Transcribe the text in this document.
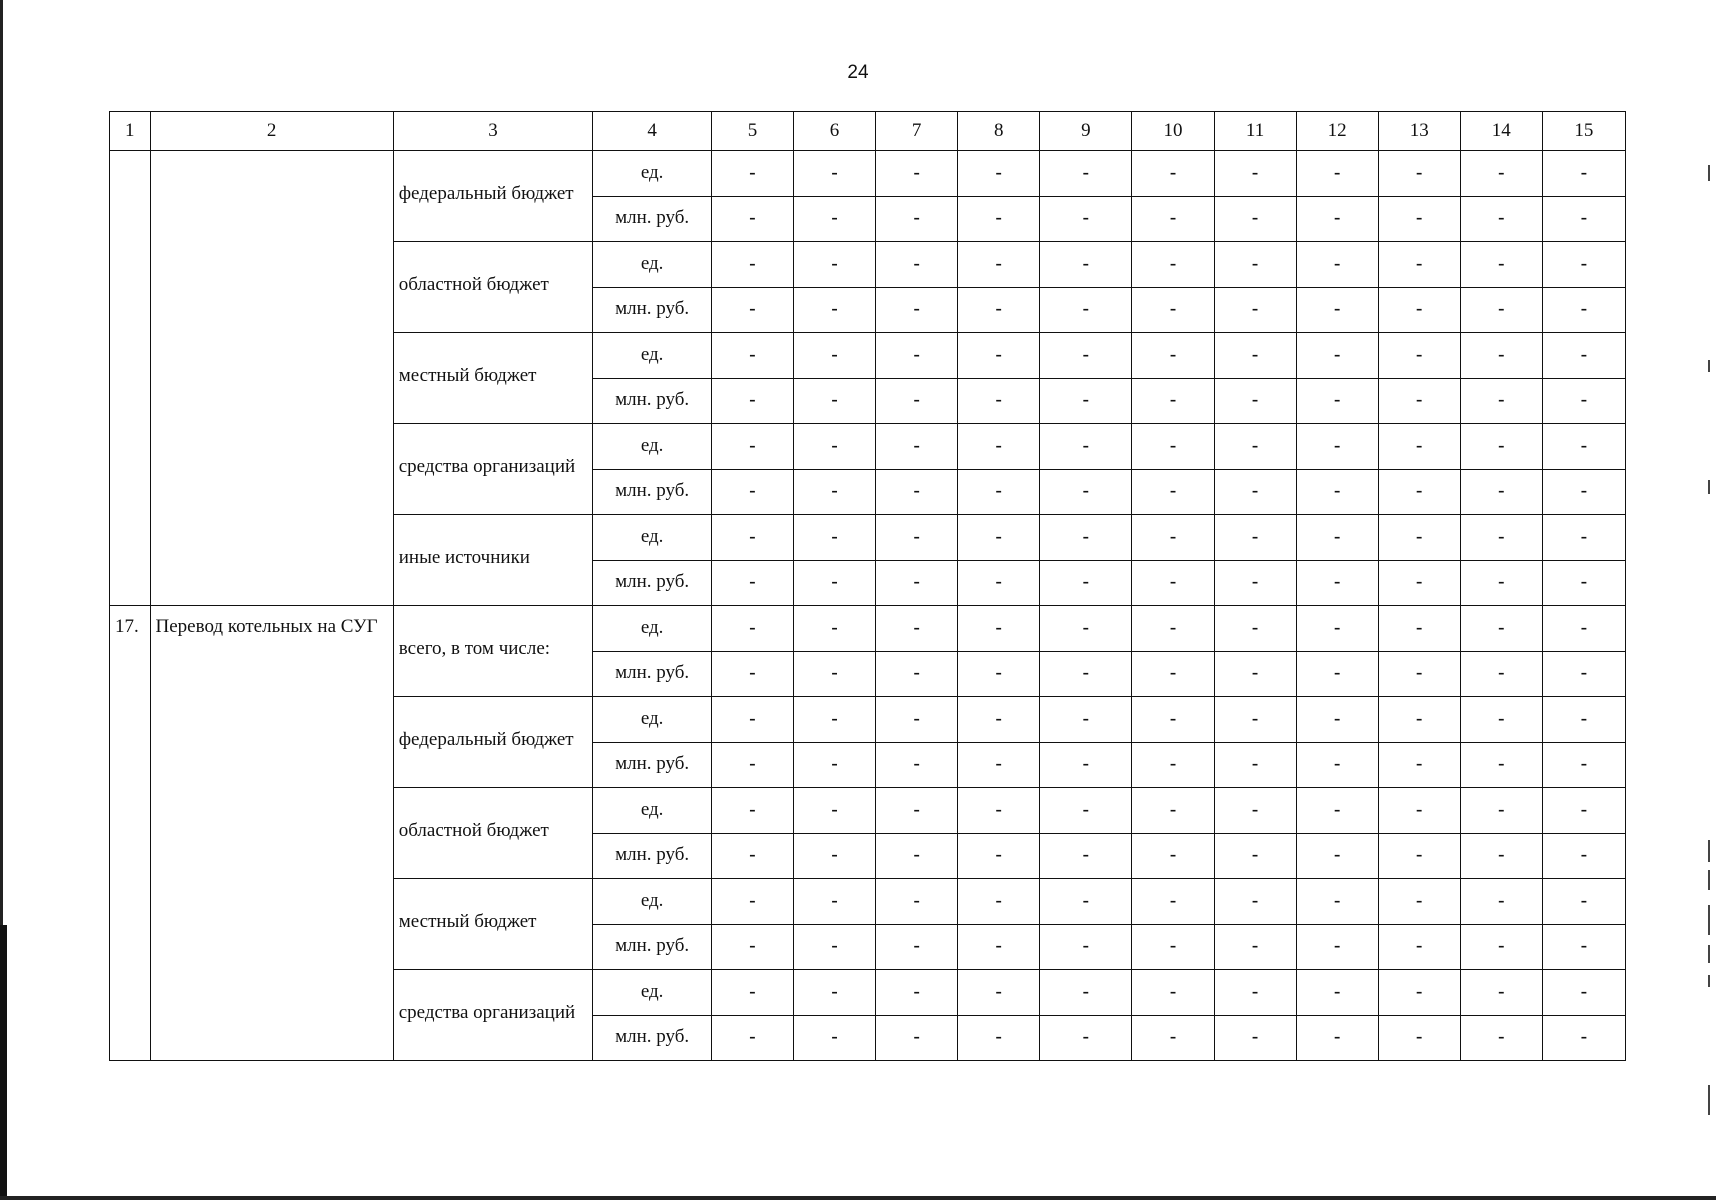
24
1	2	3	4	5	6	7	8	9	10	11	12	13	14	15
		федеральный бюджет	ед.	-	-	-	-	-	-	-	-	-	-	-
			млн. руб.	-	-	-	-	-	-	-	-	-	-	-
		областной бюджет	ед.	-	-	-	-	-	-	-	-	-	-	-
			млн. руб.	-	-	-	-	-	-	-	-	-	-	-
		местный бюджет	ед.	-	-	-	-	-	-	-	-	-	-	-
			млн. руб.	-	-	-	-	-	-	-	-	-	-	-
		средства организаций	ед.	-	-	-	-	-	-	-	-	-	-	-
			млн. руб.	-	-	-	-	-	-	-	-	-	-	-
		иные источники	ед.	-	-	-	-	-	-	-	-	-	-	-
			млн. руб.	-	-	-	-	-	-	-	-	-	-	-
17.	Перевод котельных на СУГ	всего, в том числе:	ед.	-	-	-	-	-	-	-	-	-	-	-
			млн. руб.	-	-	-	-	-	-	-	-	-	-	-
		федеральный бюджет	ед.	-	-	-	-	-	-	-	-	-	-	-
			млн. руб.	-	-	-	-	-	-	-	-	-	-	-
		областной бюджет	ед.	-	-	-	-	-	-	-	-	-	-	-
			млн. руб.	-	-	-	-	-	-	-	-	-	-	-
		местный бюджет	ед.	-	-	-	-	-	-	-	-	-	-	-
			млн. руб.	-	-	-	-	-	-	-	-	-	-	-
		средства организаций	ед.	-	-	-	-	-	-	-	-	-	-	-
			млн. руб.	-	-	-	-	-	-	-	-	-	-	-
